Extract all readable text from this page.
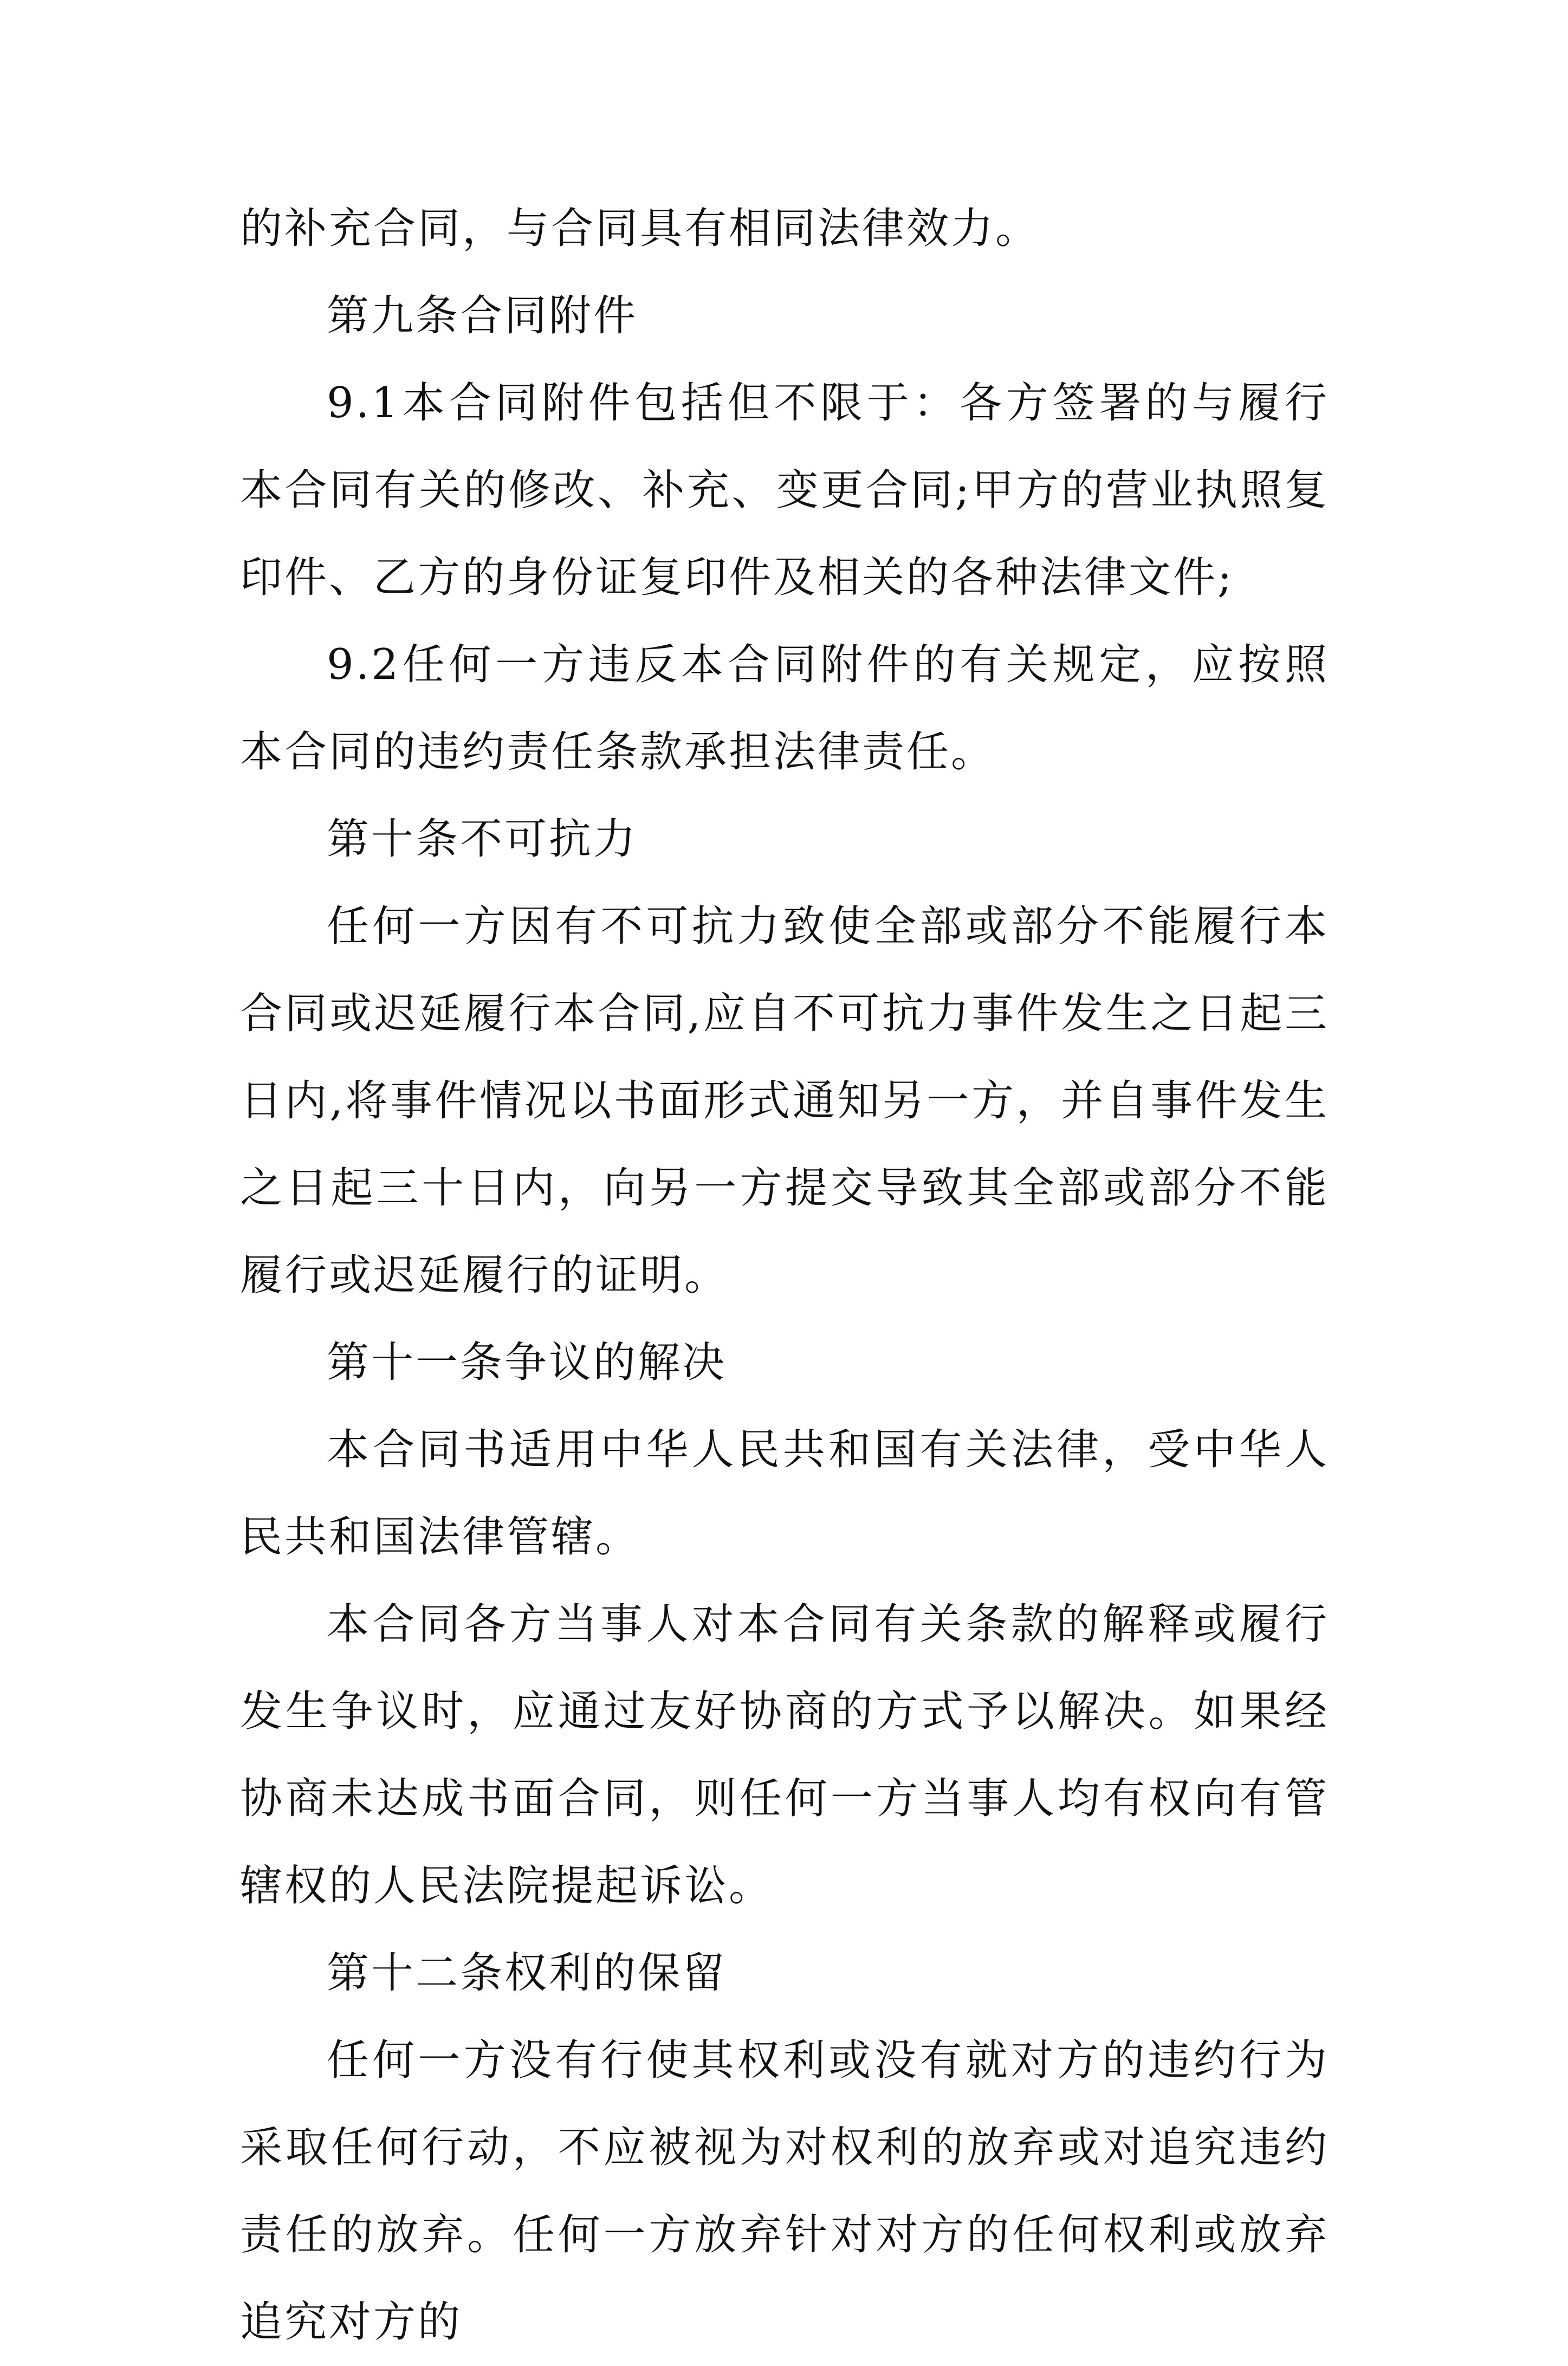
的补充合同，与合同具有相同法律效力。

第九条合同附件

9.1本合同附件包括但不限于：各方签署的与履行本合同有关的修改、补充、变更合同;甲方的营业执照复印件、乙方的身份证复印件及相关的各种法律文件;

9.2任何一方违反本合同附件的有关规定，应按照本合同的违约责任条款承担法律责任。

第十条不可抗力

任何一方因有不可抗力致使全部或部分不能履行本合同或迟延履行本合同,应自不可抗力事件发生之日起三日内,将事件情况以书面形式通知另一方，并自事件发生之日起三十日内，向另一方提交导致其全部或部分不能履行或迟延履行的证明。

第十一条争议的解决

本合同书适用中华人民共和国有关法律，受中华人民共和国法律管辖。

本合同各方当事人对本合同有关条款的解释或履行发生争议时，应通过友好协商的方式予以解决。如果经协商未达成书面合同，则任何一方当事人均有权向有管辖权的人民法院提起诉讼。

第十二条权利的保留

任何一方没有行使其权利或没有就对方的违约行为采取任何行动，不应被视为对权利的放弃或对追究违约责任的放弃。任何一方放弃针对对方的任何权利或放弃追究对方的
